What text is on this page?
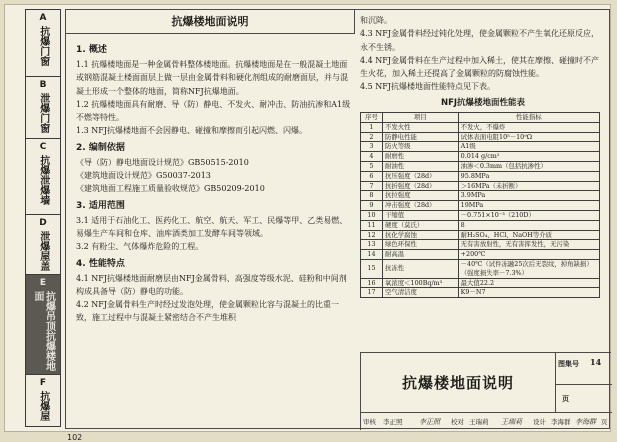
A
抗爆门窗
B
泄爆门窗
C
抗爆泄爆墙
D
泄爆屋盖
E
抗爆吊顶抗爆楼地面
F
抗爆屋
抗爆楼地面说明
1. 概述

1.1 抗爆楼地面是一种金属骨料整体楼地面。抗爆楼地面是在一般混凝土地面或钢筋混凝土楼面面层上做一层由金属骨料和硬化剂组成的耐磨面层，并与混凝土形成一个整体的地面，简称NFJ抗爆地面。

1.2 抗爆楼地面具有耐磨、导（防）静电、不发火、耐冲击、防油抗渗和A1级不燃等特性。

1.3 NFJ抗爆楼地面不会因静电、碰撞和摩擦而引起闪燃、闪爆。

2. 编制依据

《导（防）静电地面设计规范》GB50515-2010

《建筑地面设计规范》G50037-2013

《建筑地面工程施工质量验收规范》GB50209-2010

3. 适用范围

3.1 适用于石油化工、医药化工、航空、航天、军工、民爆等甲、乙类易燃、易爆生产车间和仓库、油库酒类加工发酵车间等领域。

3.2 有粉尘、气体爆炸危险的工程。

4. 性能特点

4.1 NFJ抗爆楼地面耐磨层由NFJ金属骨料、高强度等级水泥、硅粉和中间剂构成具备导（防）静电的功能。

4.2 NFJ金属骨料生产时经过发泡处理，使金属颗粒比容与混凝土的比重一致，施工过程中与混凝土紧密结合不产生堆积

和沉降。

4.3 NFJ金属骨料经过钝化处理，使金属颗粒不产生氧化还原反应，永不生锈。

4.4 NFJ金属骨料在生产过程中加入稀土，使其在摩擦、碰撞时不产生火花，加入稀土还提高了金属颗粒的防腐蚀性能。

4.5 NFJ抗爆楼地面性能特点见下表。

NFJ抗爆楼地面性能表
序号	项目	性能指标
1	不发火性	不发火，不爆炸
2	防静电性能	试体表面电阻10⁵－10⁹Ω
3	防火等级	A1级
4	耐磨性	0.014 g/cm²
5	耐油性	油渗＜0.3mm（包括抗渗性）
6	抗压强度（28d）	95.8MPa
7	抗折强度（28d）	＞16MPa（未折断）
8	抗拉强度	3.9MPa
9	冲击强度（28d）	19MPa
10	干缩值	－0.751×10⁻³（210D）
11	硬度（莫氏）	8
12	抗化学腐蚀	耐H₂SO₄、HCl、NaOH等介质
13	绿色环保性	无有害放射性，无有害挥发性，无污染
14	耐高温	+200℃
15	抗冻性	－40℃（试件冻融25次后无裂纹，掉角缺损）（强度损失率－7.3%）
16	氧浓度＜100Bq/m³	最大值22.2
17	空气清洁度	K9－N7
抗爆楼地面说明
图集号 14
页
审核 李正照 李正照 校对 王瑞莉 王瑞莉 设计 李海群 李海群 页
102
